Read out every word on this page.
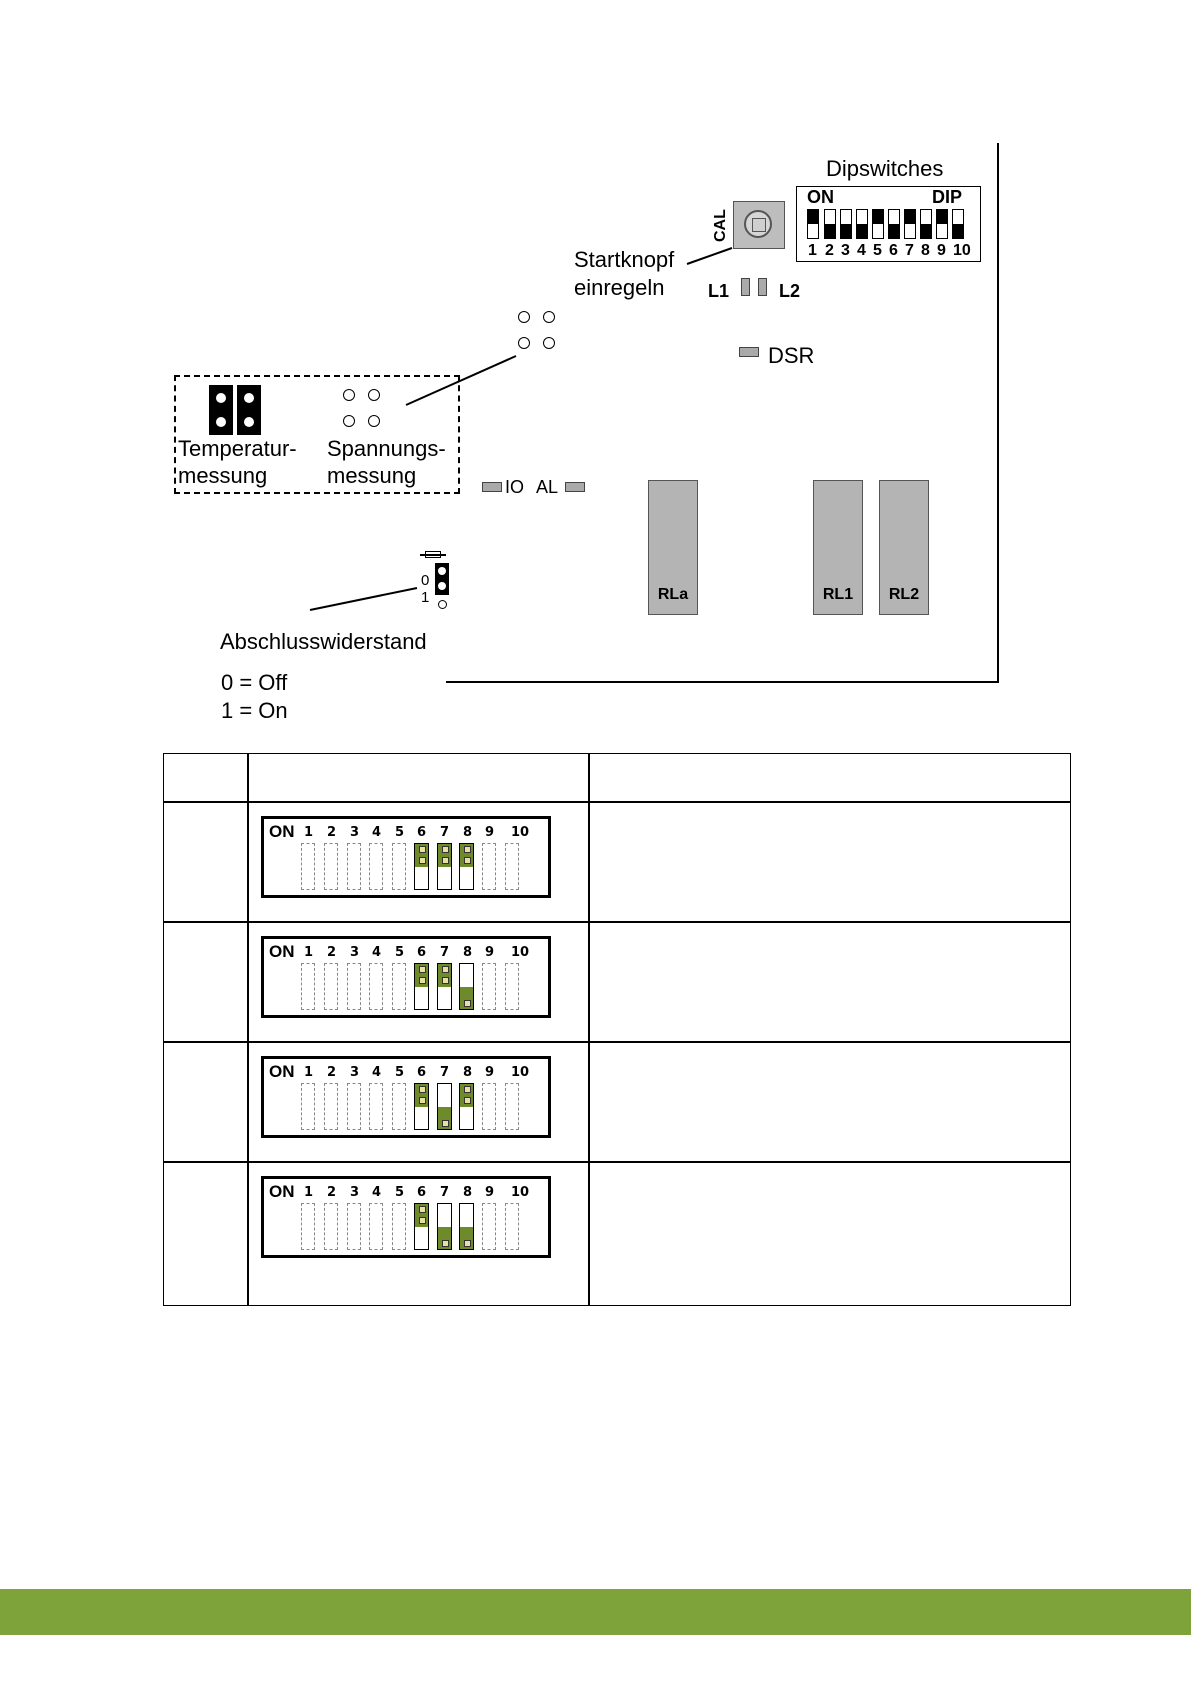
Dipswitches
ON	DIP
1 2 3 4 5 6 7 8 9 10
CAL
Startknopf
einregeln L1	L2
DSR
Temperatur-
messung
Spannungs-
messung	IO AL
RLa	RL1	RL2
0
1
Abschlusswiderstand
0 = Off
1 = On
ON 1 2 3 4 5 6 7 8 9 10
ON 1 2 3 4 5 6 7 8 9 10
ON 1 2 3 4 5 6 7 8 9 10
ON 1 2 3 4 5 6 7 8 9 10
